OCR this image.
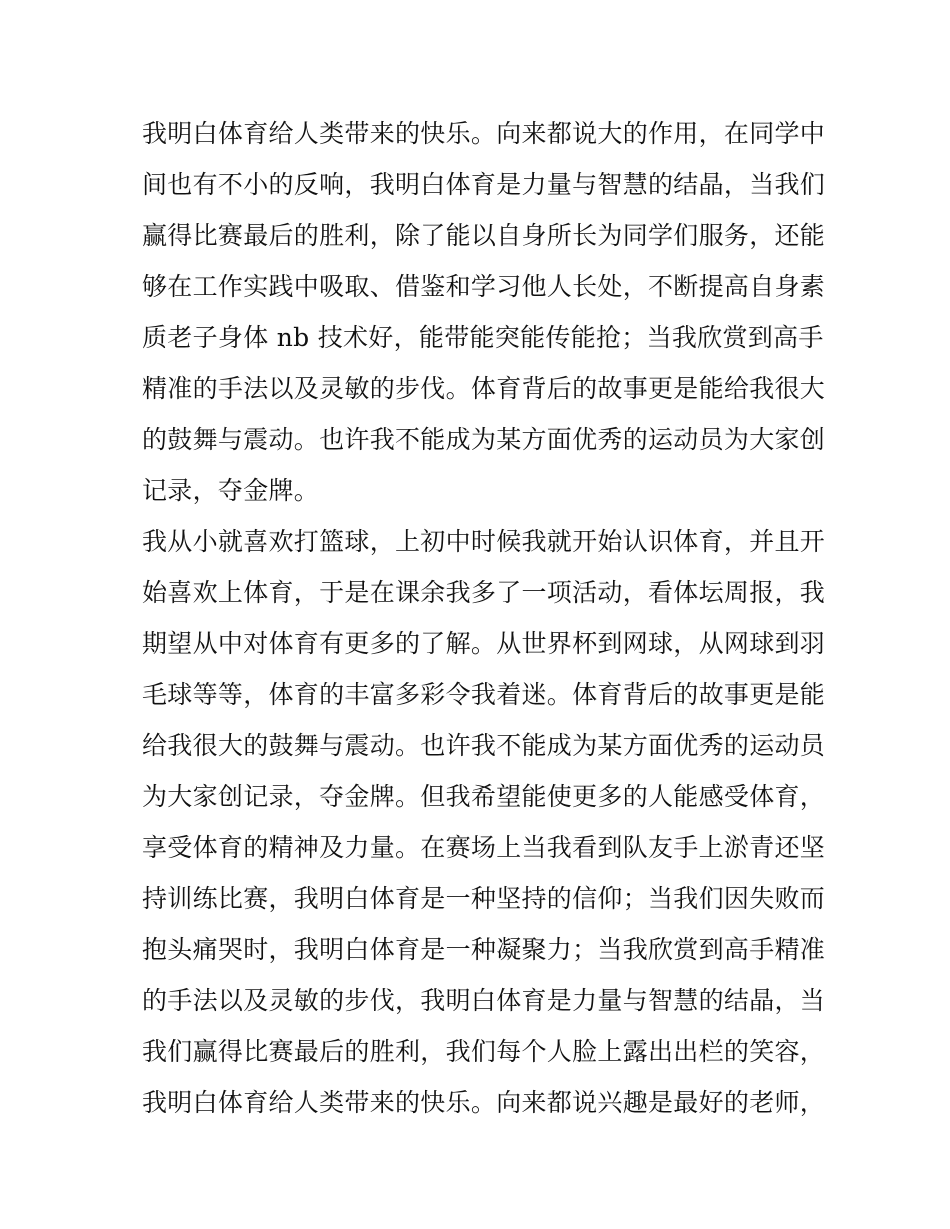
我明白体育给人类带来的快乐。向来都说大的作用，在同学中
间也有不小的反响，我明白体育是力量与智慧的结晶，当我们
赢得比赛最后的胜利，除了能以自身所长为同学们服务，还能
够在工作实践中吸取、借鉴和学习他人长处，不断提高自身素
质老子身体 nb 技术好，能带能突能传能抢；当我欣赏到高手
精准的手法以及灵敏的步伐。体育背后的故事更是能给我很大
的鼓舞与震动。也许我不能成为某方面优秀的运动员为大家创
记录，夺金牌。
我从小就喜欢打篮球，上初中时候我就开始认识体育，并且开
始喜欢上体育，于是在课余我多了一项活动，看体坛周报，我
期望从中对体育有更多的了解。从世界杯到网球，从网球到羽
毛球等等，体育的丰富多彩令我着迷。体育背后的故事更是能
给我很大的鼓舞与震动。也许我不能成为某方面优秀的运动员
为大家创记录，夺金牌。但我希望能使更多的人能感受体育，
享受体育的精神及力量。在赛场上当我看到队友手上淤青还坚
持训练比赛，我明白体育是一种坚持的信仰；当我们因失败而
抱头痛哭时，我明白体育是一种凝聚力；当我欣赏到高手精准
的手法以及灵敏的步伐，我明白体育是力量与智慧的结晶，当
我们赢得比赛最后的胜利，我们每个人脸上露出出栏的笑容，
我明白体育给人类带来的快乐。向来都说兴趣是最好的老师，
